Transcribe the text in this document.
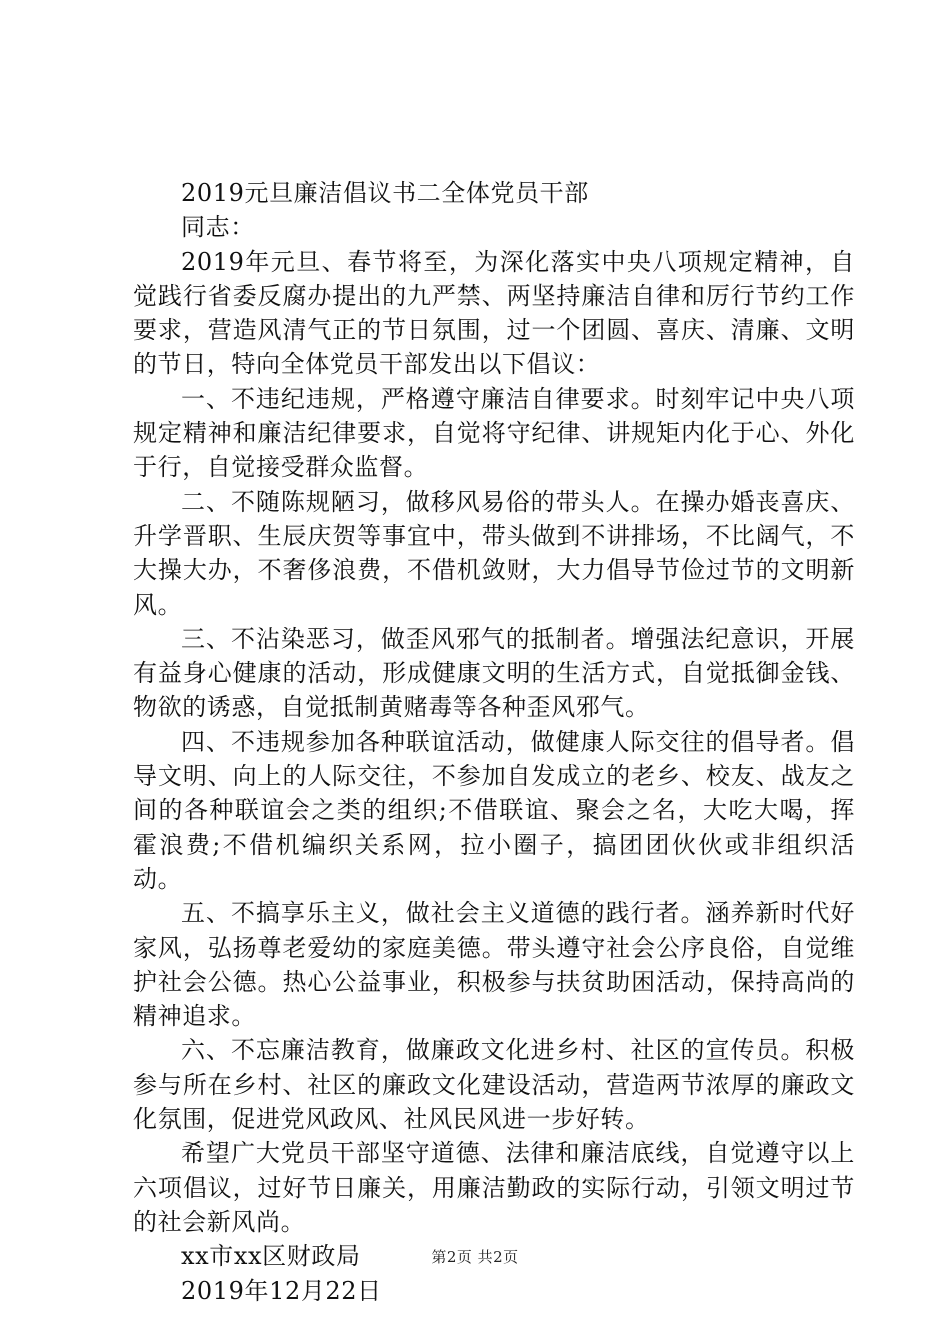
2019元旦廉洁倡议书二全体党员干部

同志：

2019年元旦、春节将至，为深化落实中央八项规定精神，自觉践行省委反腐办提出的九严禁、两坚持廉洁自律和厉行节约工作要求，营造风清气正的节日氛围，过一个团圆、喜庆、清廉、文明的节日，特向全体党员干部发出以下倡议：

一、不违纪违规，严格遵守廉洁自律要求。时刻牢记中央八项规定精神和廉洁纪律要求，自觉将守纪律、讲规矩内化于心、外化于行，自觉接受群众监督。

二、不随陈规陋习，做移风易俗的带头人。在操办婚丧喜庆、升学晋职、生辰庆贺等事宜中，带头做到不讲排场，不比阔气，不大操大办，不奢侈浪费，不借机敛财，大力倡导节俭过节的文明新风。

三、不沾染恶习，做歪风邪气的抵制者。增强法纪意识，开展有益身心健康的活动，形成健康文明的生活方式，自觉抵御金钱、物欲的诱惑，自觉抵制黄赌毒等各种歪风邪气。

四、不违规参加各种联谊活动，做健康人际交往的倡导者。倡导文明、向上的人际交往，不参加自发成立的老乡、校友、战友之间的各种联谊会之类的组织;不借联谊、聚会之名，大吃大喝，挥霍浪费;不借机编织关系网，拉小圈子，搞团团伙伙或非组织活动。

五、不搞享乐主义，做社会主义道德的践行者。涵养新时代好家风，弘扬尊老爱幼的家庭美德。带头遵守社会公序良俗，自觉维护社会公德。热心公益事业，积极参与扶贫助困活动，保持高尚的精神追求。

六、不忘廉洁教育，做廉政文化进乡村、社区的宣传员。积极参与所在乡村、社区的廉政文化建设活动，营造两节浓厚的廉政文化氛围，促进党风政风、社风民风进一步好转。

希望广大党员干部坚守道德、法律和廉洁底线，自觉遵守以上六项倡议，过好节日廉关，用廉洁勤政的实际行动，引领文明过节的社会新风尚。

xx市xx区财政局

2019年12月22日

第2页 共2页
